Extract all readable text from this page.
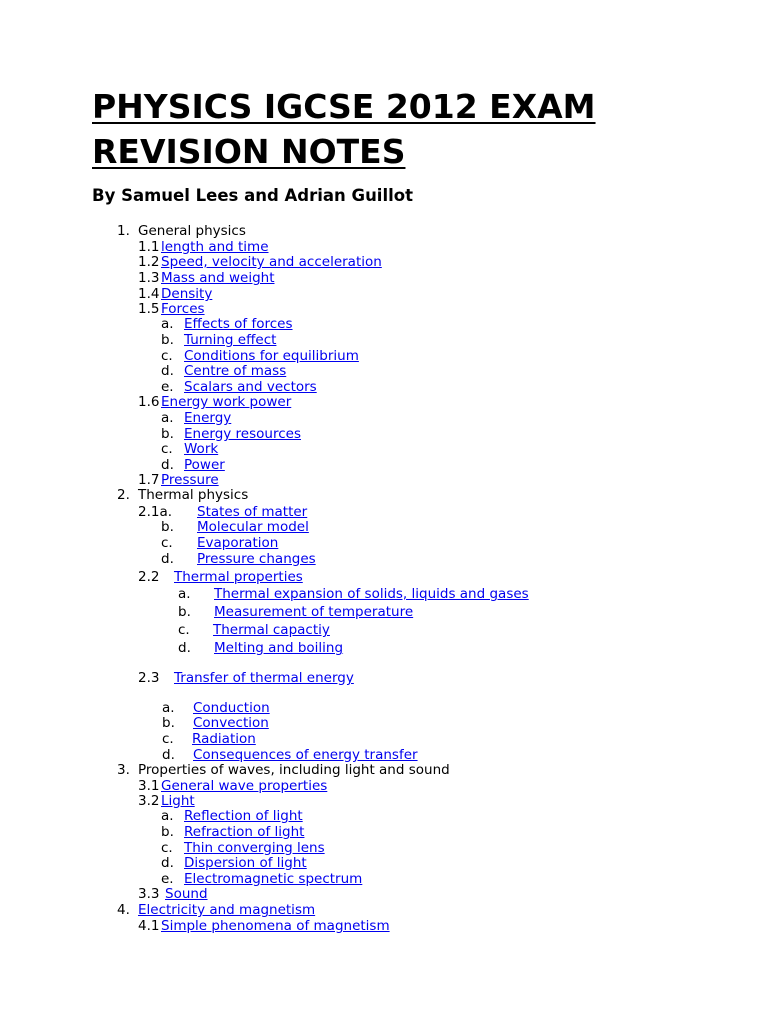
PHYSICS IGCSE 2012 EXAM
REVISION NOTES
By Samuel Lees and Adrian Guillot
1. General physics
1.1 length and time
1.2 Speed, velocity and acceleration
1.3 Mass and weight
1.4 Density
1.5 Forces
a. Effects of forces
b. Turning effect
c. Conditions for equilibrium
d. Centre of mass
e. Scalars and vectors
1.6 Energy work power
a. Energy
b. Energy resources
c. Work
d. Power
1.7 Pressure
2. Thermal physics
2.1a. States of matter
b. Molecular model
c. Evaporation
d. Pressure changes
2.2 Thermal properties
a. Thermal expansion of solids, liquids and gases
b. Measurement of temperature
c. Thermal capactiy
d. Melting and boiling
2.3 Transfer of thermal energy
a. Conduction
b. Convection
c. Radiation
d. Consequences of energy transfer
3. Properties of waves, including light and sound
3.1 General wave properties
3.2 Light
a. Reflection of light
b. Refraction of light
c. Thin converging lens
d. Dispersion of light
e. Electromagnetic spectrum
3.3 Sound
4. Electricity and magnetism
4.1 Simple phenomena of magnetism
